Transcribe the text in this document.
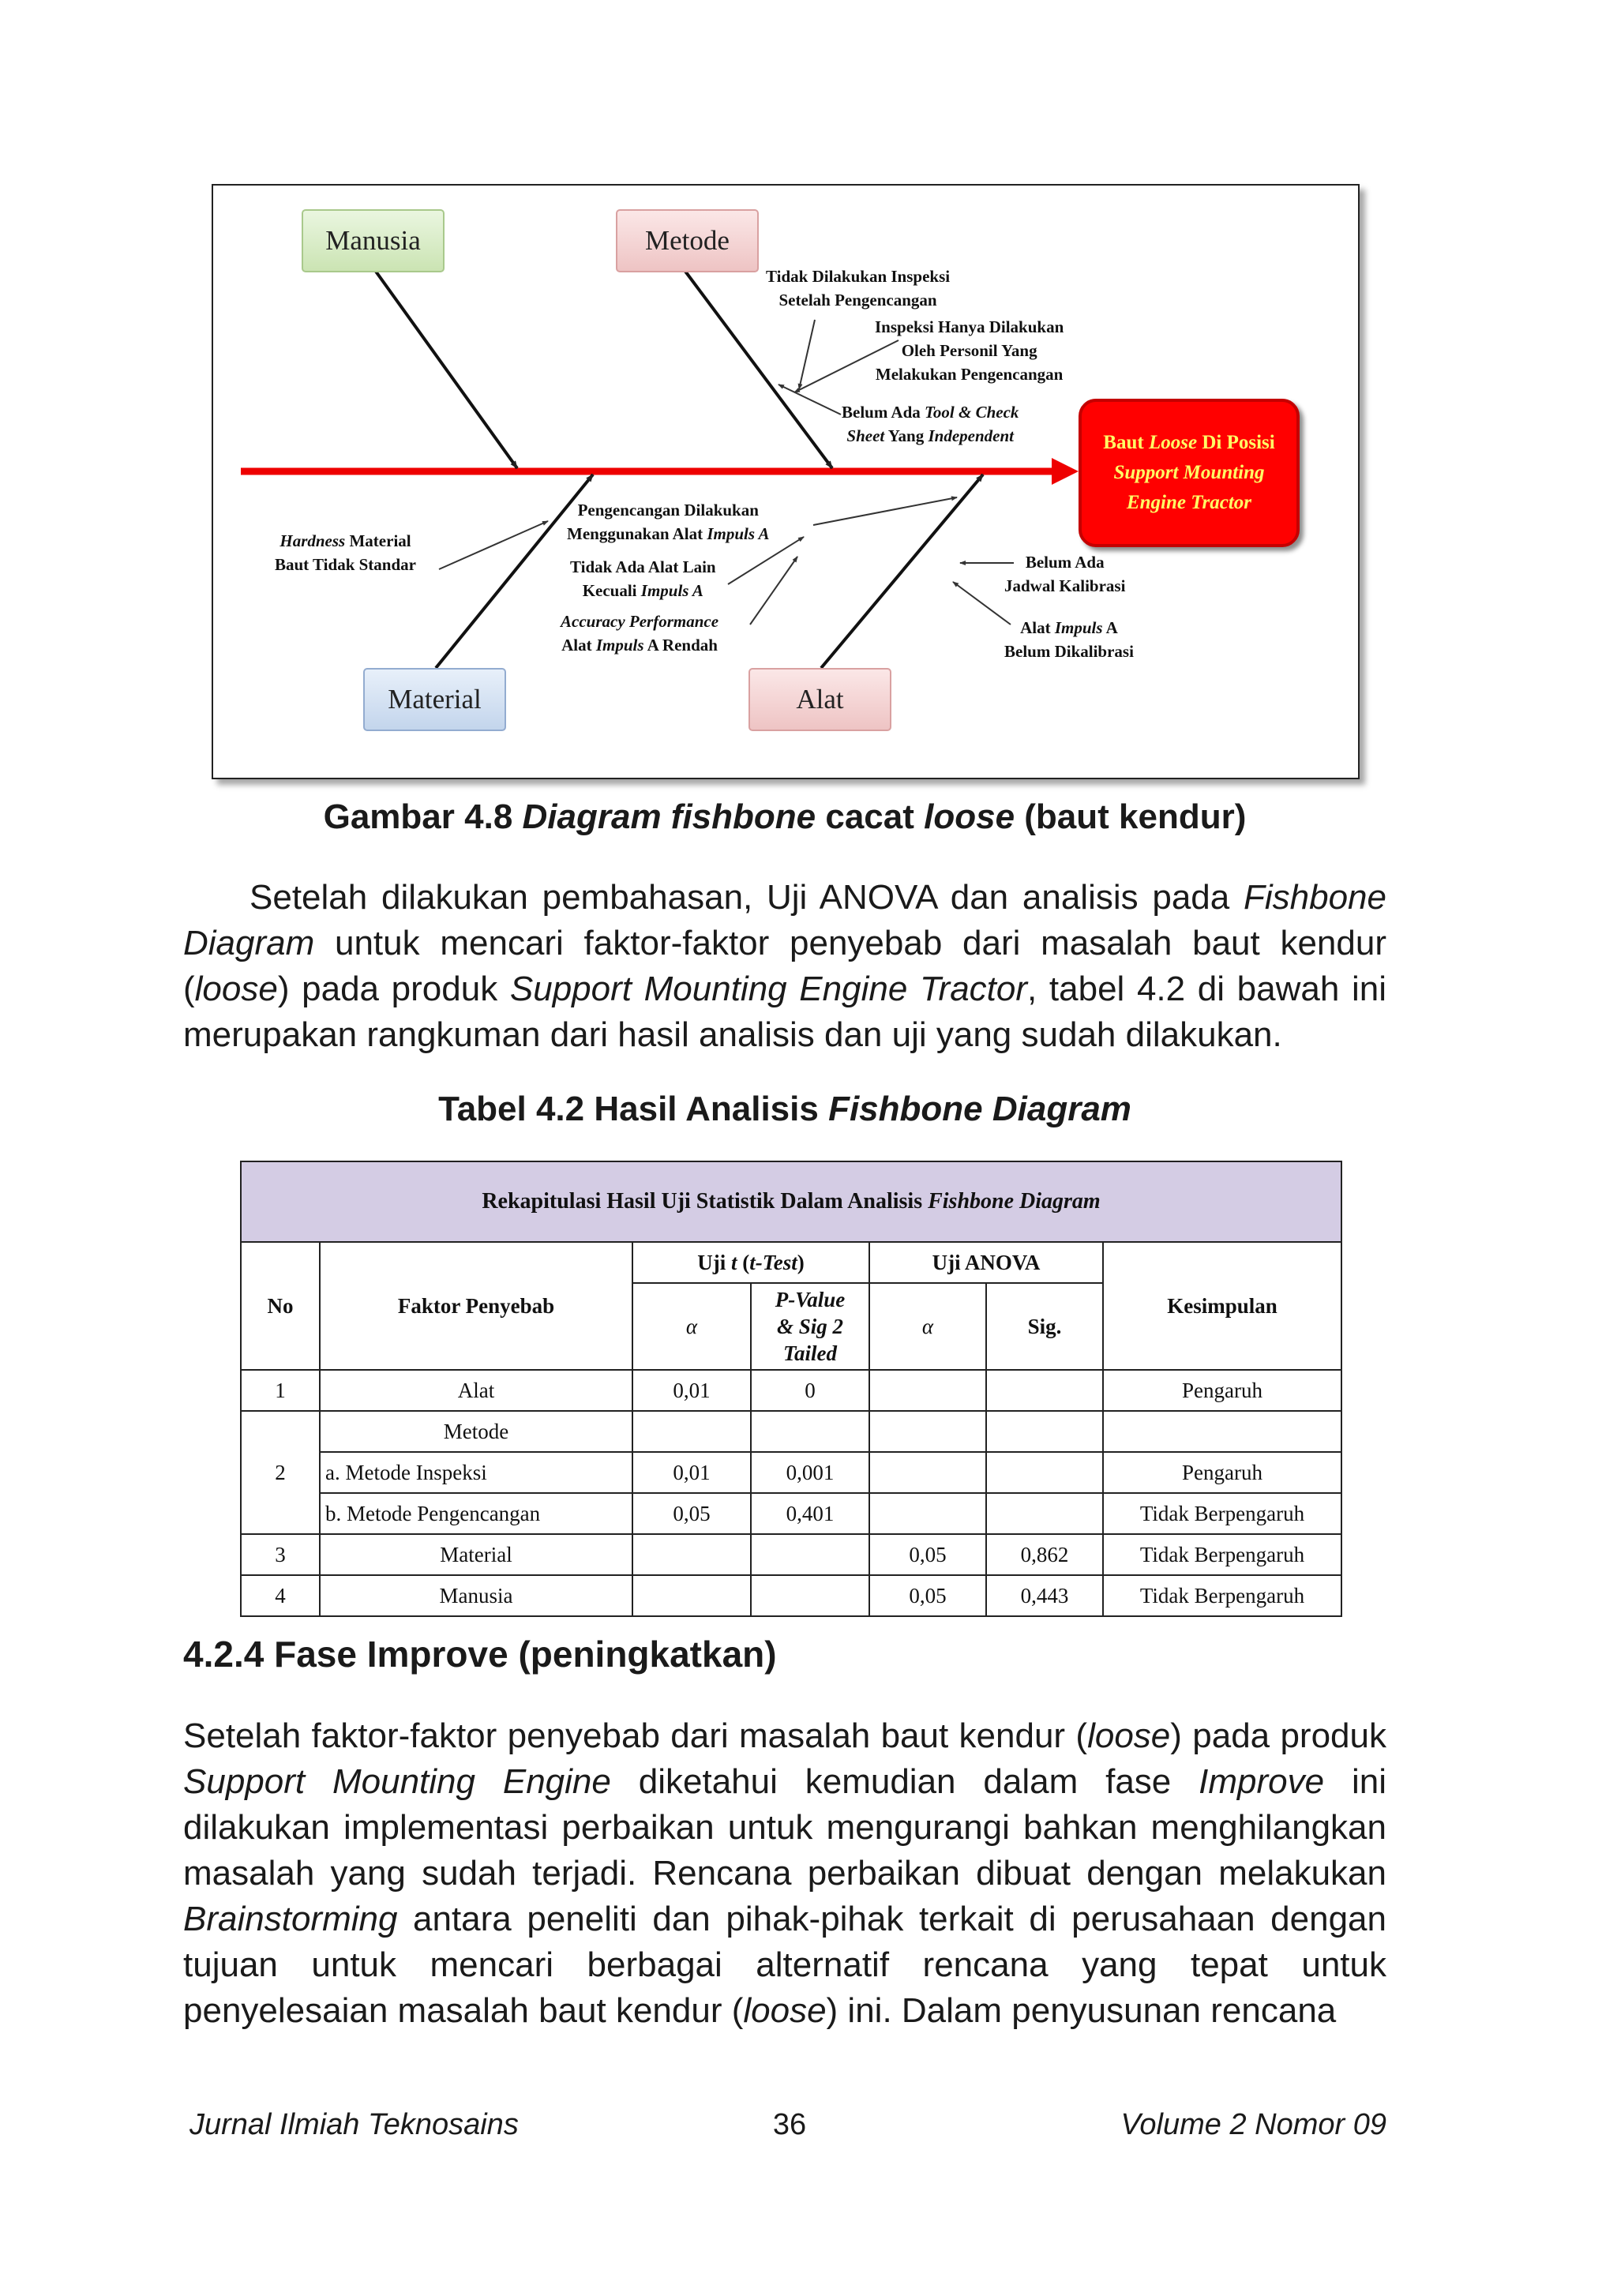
Manusia	Metode
Material	Alat

Baut Loose Di Posisi
Support Mounting
Engine Tractor

Tidak Dilakukan Inspeksi
Setelah Pengencangan

Inspeksi Hanya Dilakukan
Oleh Personil Yang
Melakukan Pengencangan

Belum Ada Tool & Check
Sheet Yang Independent

Hardness Material
Baut Tidak Standar

Pengencangan Dilakukan
Menggunakan Alat Impuls A

Tidak Ada Alat Lain
Kecuali Impuls A

Accuracy Performance
Alat Impuls A Rendah

Belum Ada
Jadwal Kalibrasi

Alat Impuls A
Belum Dikalibrasi

Gambar 4.8 Diagram fishbone cacat loose (baut kendur)

Setelah dilakukan pembahasan, Uji ANOVA dan analisis pada Fishbone Diagram untuk mencari faktor-faktor penyebab dari masalah baut kendur (loose) pada produk Support Mounting Engine Tractor, tabel 4.2 di bawah ini merupakan rangkuman dari hasil analisis dan uji yang sudah dilakukan.

Tabel 4.2 Hasil Analisis Fishbone Diagram

Rekapitulasi Hasil Uji Statistik Dalam Analisis Fishbone Diagram						
No	Faktor Penyebab	Uji t (t-Test)		Uji ANOVA		Kesimpulan
		α	P-Value
& Sig 2
Tailed	α	Sig.	
1	Alat	0,01	0			Pengaruh
2	Metode					
	a. Metode Inspeksi	0,01	0,001			Pengaruh
	b. Metode Pengencangan	0,05	0,401			Tidak Berpengaruh
3	Material			0,05	0,862	Tidak Berpengaruh
4	Manusia			0,05	0,443	Tidak Berpengaruh

4.2.4 Fase Improve (peningkatkan)

Setelah faktor-faktor penyebab dari masalah baut kendur (loose) pada produk Support Mounting Engine diketahui kemudian dalam fase Improve ini dilakukan implementasi perbaikan untuk mengurangi bahkan menghilangkan masalah yang sudah terjadi. Rencana perbaikan dibuat dengan melakukan Brainstorming antara peneliti dan pihak-pihak terkait di perusahaan dengan tujuan untuk mencari berbagai alternatif rencana yang tepat untuk penyelesaian masalah baut kendur (loose) ini. Dalam penyusunan rencana

Jurnal Ilmiah Teknosains	36	Volume 2 Nomor 09
